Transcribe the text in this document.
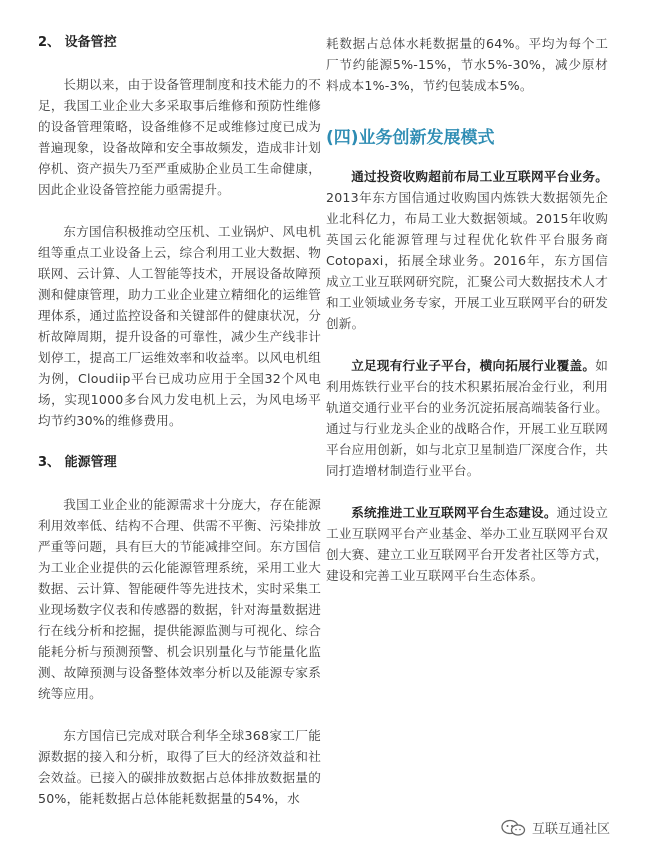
2、 设备管控

长期以来，由于设备管理制度和技术能力的不足，我国工业企业大多采取事后维修和预防性维修的设备管理策略，设备维修不足或维修过度已成为普遍现象，设备故障和安全事故频发，造成非计划停机、资产损失乃至严重威胁企业员工生命健康，因此企业设备管控能力亟需提升。

东方国信积极推动空压机、工业锅炉、风电机组等重点工业设备上云，综合利用工业大数据、物联网、云计算、人工智能等技术，开展设备故障预测和健康管理，助力工业企业建立精细化的运维管理体系，通过监控设备和关键部件的健康状况，分析故障周期，提升设备的可靠性，减少生产线非计划停工，提高工厂运维效率和收益率。以风电机组为例，Cloudiip平台已成功应用于全国32个风电场，实现1000多台风力发电机上云，为风电场平均节约30%的维修费用。

3、 能源管理

我国工业企业的能源需求十分庞大，存在能源利用效率低、结构不合理、供需不平衡、污染排放严重等问题，具有巨大的节能减排空间。东方国信为工业企业提供的云化能源管理系统，采用工业大数据、云计算、智能硬件等先进技术，实时采集工业现场数字仪表和传感器的数据，针对海量数据进行在线分析和挖掘，提供能源监测与可视化、综合能耗分析与预测预警、机会识别量化与节能量化监测、故障预测与设备整体效率分析以及能源专家系统等应用。

东方国信已完成对联合利华全球368家工厂能源数据的接入和分析，取得了巨大的经济效益和社会效益。已接入的碳排放数据占总体排放数据量的50%，能耗数据占总体能耗数据量的54%，水

耗数据占总体水耗数据量的64%。平均为每个工厂节约能源5%-15%，节水5%-30%，减少原材料成本1%-3%，节约包装成本5%。

(四)业务创新发展模式

通过投资收购超前布局工业互联网平台业务。2013年东方国信通过收购国内炼铁大数据领先企业北科亿力，布局工业大数据领域。2015年收购英国云化能源管理与过程优化软件平台服务商Cotopaxi，拓展全球业务。2016年，东方国信成立工业互联网研究院，汇聚公司大数据技术人才和工业领域业务专家，开展工业互联网平台的研发创新。

立足现有行业子平台，横向拓展行业覆盖。如利用炼铁行业平台的技术积累拓展冶金行业，利用轨道交通行业平台的业务沉淀拓展高端装备行业。通过与行业龙头企业的战略合作，开展工业互联网平台应用创新，如与北京卫星制造厂深度合作，共同打造增材制造行业平台。

系统推进工业互联网平台生态建设。通过设立工业互联网平台产业基金、举办工业互联网平台双创大赛、建立工业互联网平台开发者社区等方式，建设和完善工业互联网平台生态体系。

互联互通社区
